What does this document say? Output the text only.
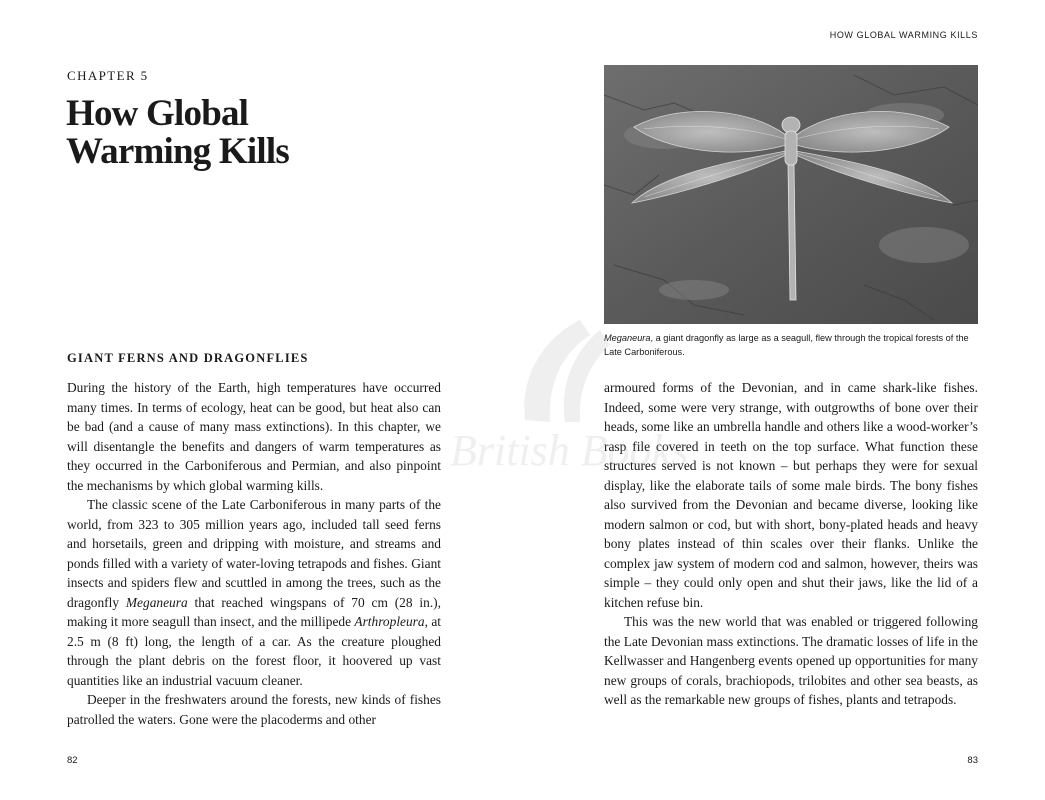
HOW GLOBAL WARMING KILLS
CHAPTER 5
How Global
Warming Kills
Meganeura, a giant dragonfly as large as a seagull, flew through the tropical forests of the Late Carboniferous.
GIANT FERNS AND DRAGONFLIES

During the history of the Earth, high temperatures have occurred many times. In terms of ecology, heat can be good, but heat also can be bad (and a cause of many mass extinctions). In this chapter, we will disentangle the benefits and dangers of warm temperatures as they occurred in the Carboniferous and Permian, and also pinpoint the mechanisms by which global warming kills.

The classic scene of the Late Carboniferous in many parts of the world, from 323 to 305 million years ago, included tall seed ferns and horsetails, green and dripping with moisture, and streams and ponds filled with a variety of water-loving tetrapods and fishes. Giant insects and spiders flew and scuttled in among the trees, such as the dragonfly Meganeura that reached wingspans of 70 cm (28 in.), making it more seagull than insect, and the millipede Arthropleura, at 2.5 m (8 ft) long, the length of a car. As the creature ploughed through the plant debris on the forest floor, it hoovered up vast quantities like an industrial vacuum cleaner.

Deeper in the freshwaters around the forests, new kinds of fishes patrolled the waters. Gone were the placoderms and other

armoured forms of the Devonian, and in came shark-like fishes. Indeed, some were very strange, with outgrowths of bone over their heads, some like an umbrella handle and others like a wood-worker’s rasp file covered in teeth on the top surface. What function these structures served is not known – but perhaps they were for sexual display, like the elaborate tails of some male birds. The bony fishes also survived from the Devonian and became diverse, looking like modern salmon or cod, but with short, bony-plated heads and heavy bony plates instead of thin scales over their flanks. Unlike the complex jaw system of modern cod and salmon, however, theirs was simple – they could only open and shut their jaws, like the lid of a kitchen refuse bin.

This was the new world that was enabled or triggered following the Late Devonian mass extinctions. The dramatic losses of life in the Kellwasser and Hangenberg events opened up opportunities for many new groups of corals, brachiopods, trilobites and other sea beasts, as well as the remarkable new groups of fishes, plants and tetrapods.

British Books
82	83
